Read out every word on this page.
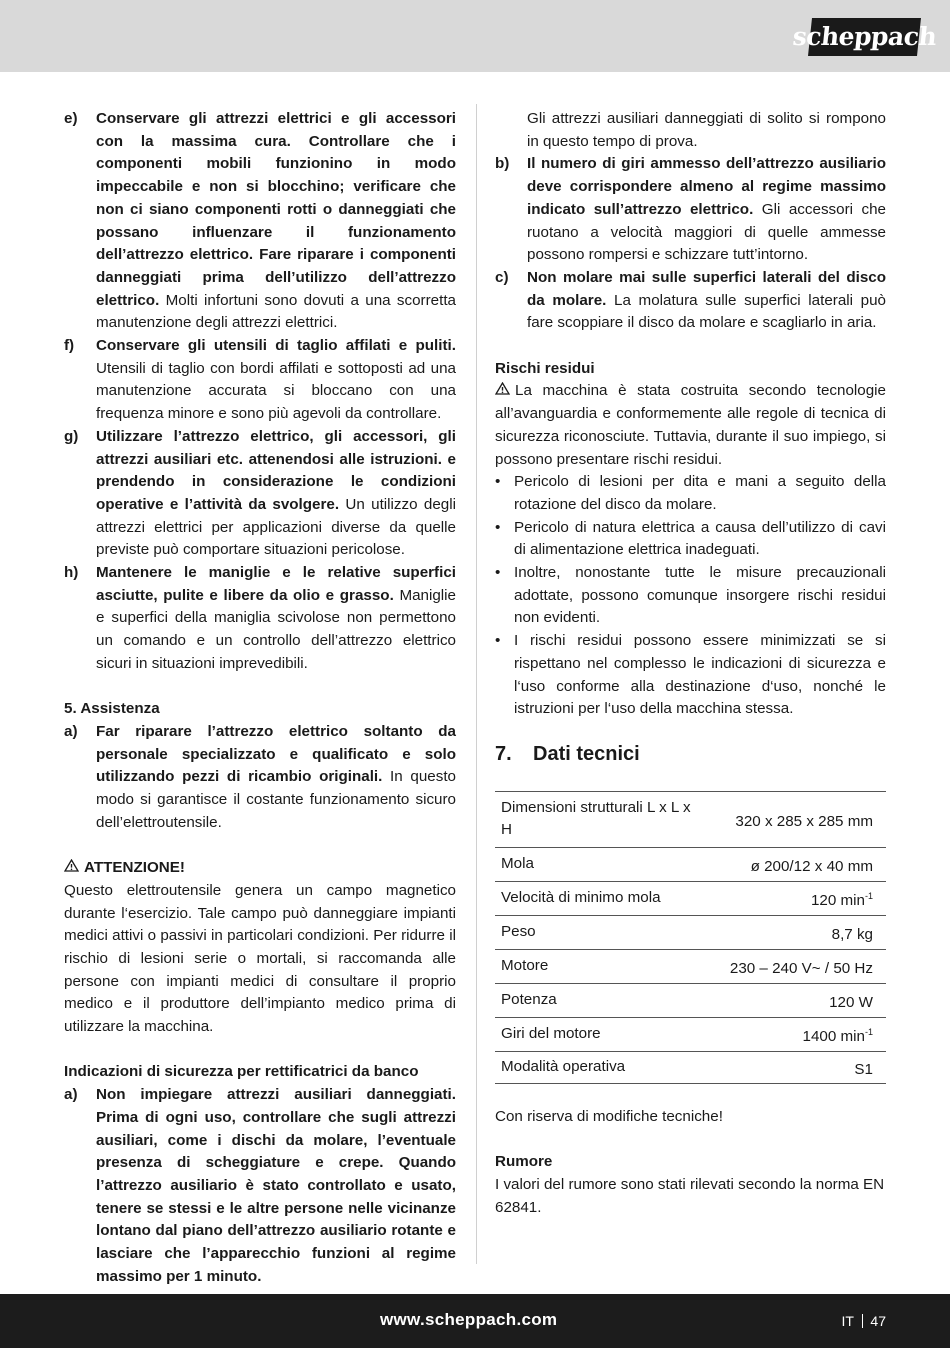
scheppach
e)	Conservare gli attrezzi elettrici e gli accessori con la massima cura. Controllare che i componenti mobili funzionino in modo impeccabile e non si blocchino; verificare che non ci siano componenti rotti o danneggiati che possano influenzare il funzionamento dell’attrezzo elettrico. Fare riparare i componenti danneggiati prima dell’utilizzo dell’attrezzo elettrico. Molti infortuni sono dovuti a una scorretta manutenzione degli attrezzi elettrici.
f)	Conservare gli utensili di taglio affilati e puliti. Utensili di taglio con bordi affilati e sottoposti ad una manutenzione accurata si bloccano con una frequenza minore e sono più agevoli da controllare.
g)	Utilizzare l’attrezzo elettrico, gli accessori, gli attrezzi ausiliari etc. attenendosi alle istruzioni. e prendendo in considerazione le condizioni operative e l’attività da svolgere. Un utilizzo degli attrezzi elettrici per applicazioni diverse da quelle previste può comportare situazioni pericolose.
h)	Mantenere le maniglie e le relative superfici asciutte, pulite e libere da olio e grasso. Maniglie e superfici della maniglia scivolose non permettono un comando e un controllo dell’attrezzo elettrico sicuri in situazioni imprevedibili.

5. Assistenza

a)	Far riparare l’attrezzo elettrico soltanto da personale specializzato e qualificato e solo utilizzando pezzi di ricambio originali. In questo modo si garantisce il costante funzionamento sicuro dell’elettroutensile.

ATTENZIONE!

Questo elettroutensile genera un campo magnetico durante l‘esercizio. Tale campo può danneggiare impianti medici attivi o passivi in particolari condizioni. Per ridurre il rischio di lesioni serie o mortali, si raccomanda alle persone con impianti medici di consultare il proprio medico e il produttore dell’impianto medico prima di utilizzare la macchina.

Indicazioni di sicurezza per rettificatrici da banco

a)	Non impiegare attrezzi ausiliari danneggiati. Prima di ogni uso, controllare che sugli attrezzi ausiliari, come i dischi da molare, l’eventuale presenza di scheggiature e crepe. Quando l’attrezzo ausiliario è stato controllato e usato, tenere se stessi e le altre persone nelle vicinanze lontano dal piano dell’attrezzo ausiliario rotante e lasciare che l’apparecchio funzioni al regime massimo per 1 minuto.
Gli attrezzi ausiliari danneggiati di solito si rompono in questo tempo di prova.
b)	Il numero di giri ammesso dell’attrezzo ausiliario deve corrispondere almeno al regime massimo indicato sull’attrezzo elettrico. Gli accessori che ruotano a velocità maggiori di quelle ammesse possono rompersi e schizzare tutt’intorno.
c)	Non molare mai sulle superfici laterali del disco da molare. La molatura sulle superfici laterali può fare scoppiare il disco da molare e scagliarlo in aria.

Rischi residui

La macchina è stata costruita secondo tecnologie all’avanguardia e conformemente alle regole di tecnica di sicurezza riconosciute. Tuttavia, durante il suo impiego, si possono presentare rischi residui.

• Pericolo di lesioni per dita e mani a seguito della rotazione del disco da molare.
• Pericolo di natura elettrica a causa dell’utilizzo di cavi di alimentazione elettrica inadeguati.
• Inoltre, nonostante tutte le misure precauzionali adottate, possono comunque insorgere rischi residui non evidenti.
• I rischi residui possono essere minimizzati se si rispettano nel complesso le indicazioni di sicurezza e l‘uso conforme alla destinazione d‘uso, nonché le istruzioni per l‘uso della macchina stessa.

7. Dati tecnici

Dimensioni strutturali L x L x H	320 x 285 x 285 mm
Mola	ø 200/12 x 40 mm
Velocità di minimo mola	120 $\min^{-1}$
Peso	8,7 kg
Motore	230 – 240 V~ / 50 Hz
Potenza	120 W
Giri del motore	1400 $\min^{-1}$
Modalità operativa	S1

Con riserva di modifiche tecniche!

Rumore

I valori del rumore sono stati rilevati secondo la norma EN 62841.

www.scheppach.com	IT 47
